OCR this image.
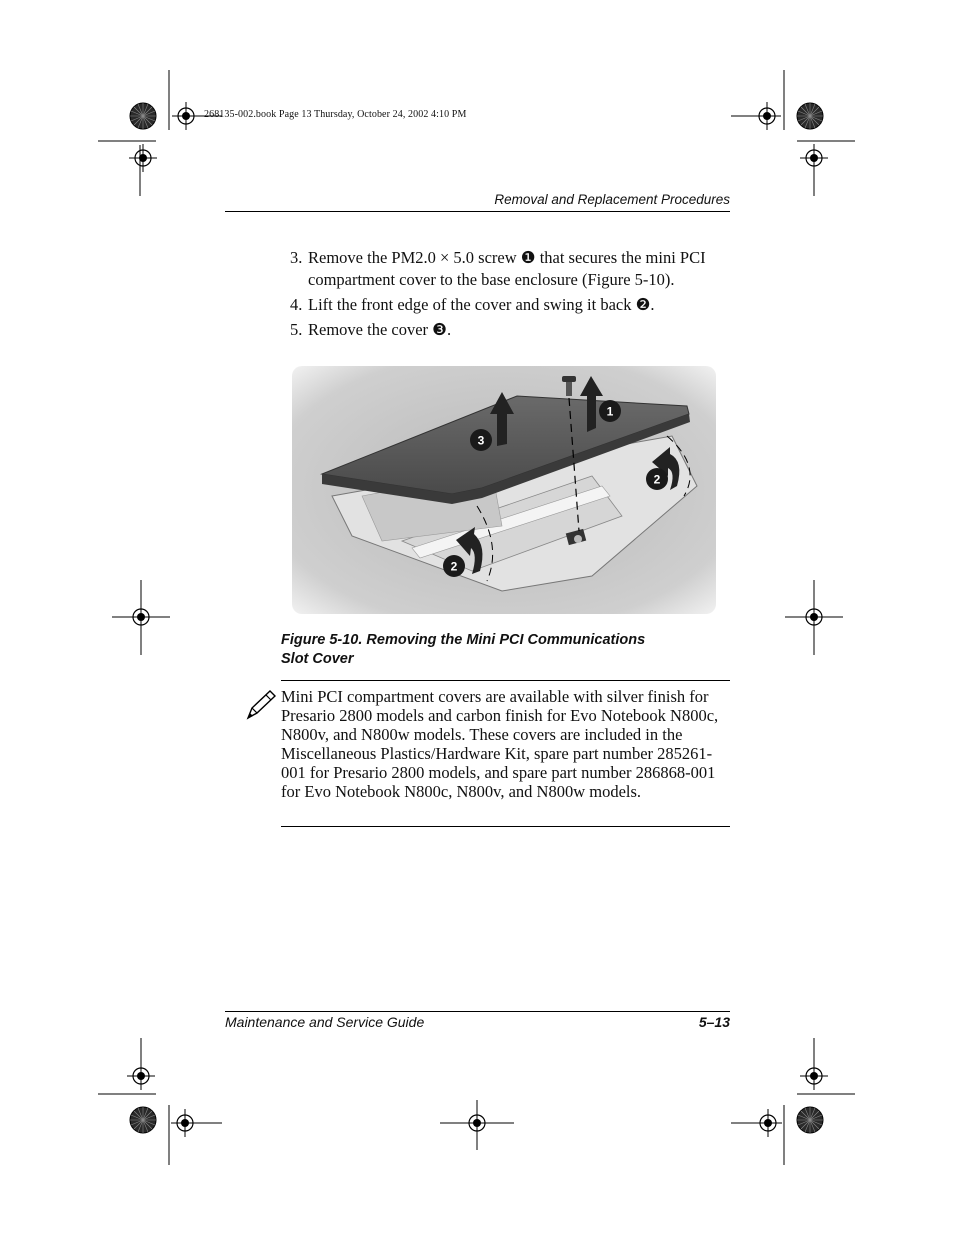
268135-002.book Page 13 Thursday, October 24, 2002 4:10 PM
Removal and Replacement Procedures
3. Remove the PM2.0 × 5.0 screw ❶ that secures the mini PCI compartment cover to the base enclosure (Figure 5-10).
4. Lift the front edge of the cover and swing it back ❷.
5. Remove the cover ❸.
1
2
2
3
Figure 5-10. Removing the Mini PCI Communications
Slot Cover
Mini PCI compartment covers are available with silver finish for Presario 2800 models and carbon finish for Evo Notebook N800c, N800v, and N800w models. These covers are included in the Miscellaneous Plastics/Hardware Kit, spare part number 285261-001 for Presario 2800 models, and spare part number 286868-001 for Evo Notebook N800c, N800v, and N800w models.
Maintenance and Service Guide	5–13
